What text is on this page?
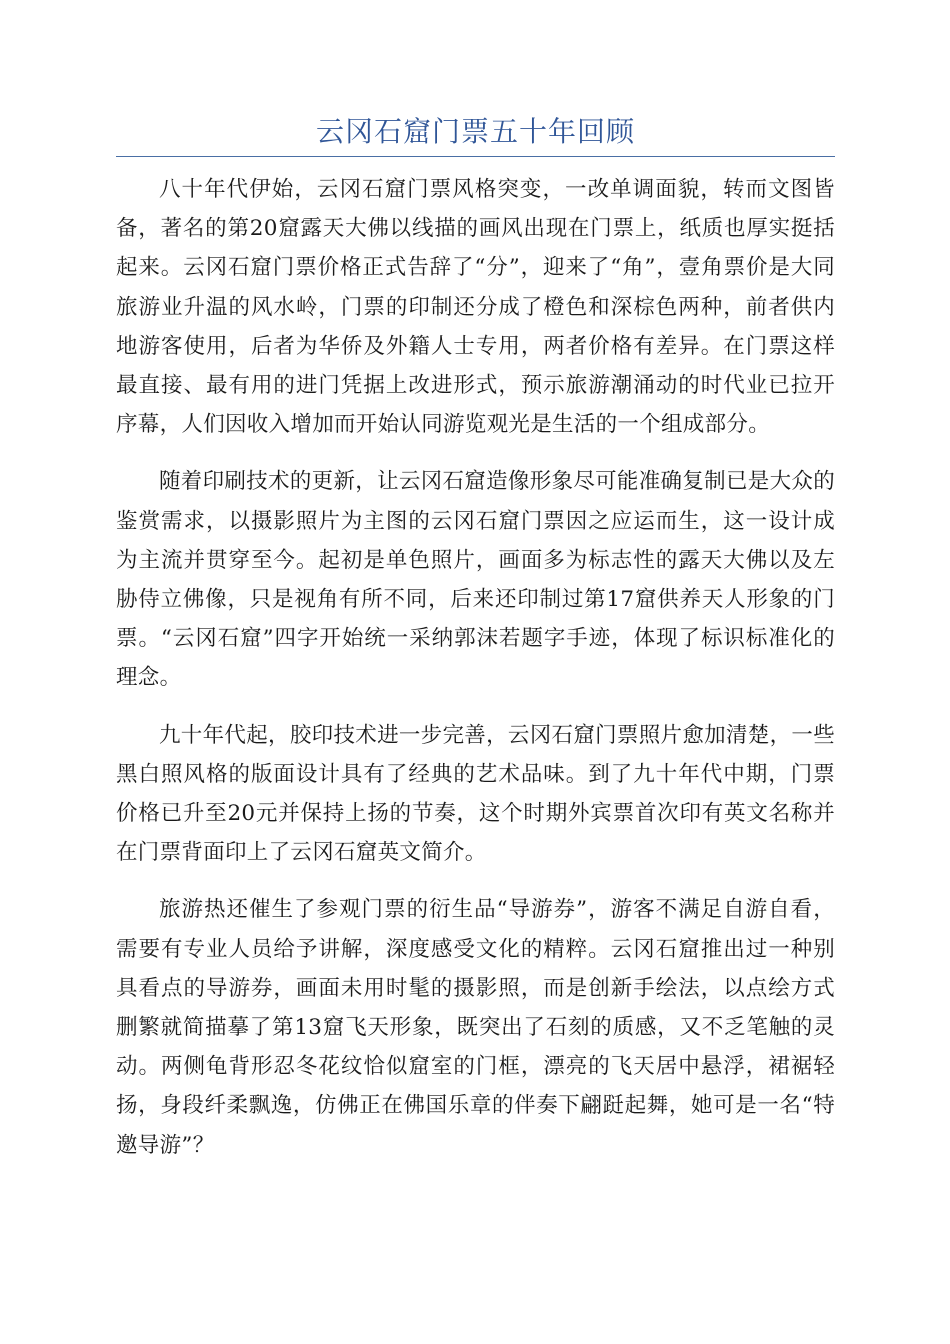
云冈石窟门票五十年回顾

八十年代伊始，云冈石窟门票风格突变，一改单调面貌，转而文图皆备，著名的第20窟露天大佛以线描的画风出现在门票上，纸质也厚实挺括起来。云冈石窟门票价格正式告辞了“分”，迎来了“角”，壹角票价是大同旅游业升温的风水岭，门票的印制还分成了橙色和深棕色两种，前者供内地游客使用，后者为华侨及外籍人士专用，两者价格有差异。在门票这样最直接、最有用的进门凭据上改进形式，预示旅游潮涌动的时代业已拉开序幕，人们因收入增加而开始认同游览观光是生活的一个组成部分。

随着印刷技术的更新，让云冈石窟造像形象尽可能准确复制已是大众的鉴赏需求，以摄影照片为主图的云冈石窟门票因之应运而生，这一设计成为主流并贯穿至今。起初是单色照片，画面多为标志性的露天大佛以及左胁侍立佛像，只是视角有所不同，后来还印制过第17窟供养天人形象的门票。“云冈石窟”四字开始统一采纳郭沫若题字手迹，体现了标识标准化的理念。

九十年代起，胶印技术进一步完善，云冈石窟门票照片愈加清楚，一些黑白照风格的版面设计具有了经典的艺术品味。到了九十年代中期，门票价格已升至20元并保持上扬的节奏，这个时期外宾票首次印有英文名称并在门票背面印上了云冈石窟英文简介。

旅游热还催生了参观门票的衍生品“导游券”，游客不满足自游自看，需要有专业人员给予讲解，深度感受文化的精粹。云冈石窟推出过一种别具看点的导游券，画面未用时髦的摄影照，而是创新手绘法，以点绘方式删繁就简描摹了第13窟飞天形象，既突出了石刻的质感，又不乏笔触的灵动。两侧龟背形忍冬花纹恰似窟室的门框，漂亮的飞天居中悬浮，裙裾轻扬，身段纤柔飘逸，仿佛正在佛国乐章的伴奏下翩跹起舞，她可是一名“特邀导游”？
